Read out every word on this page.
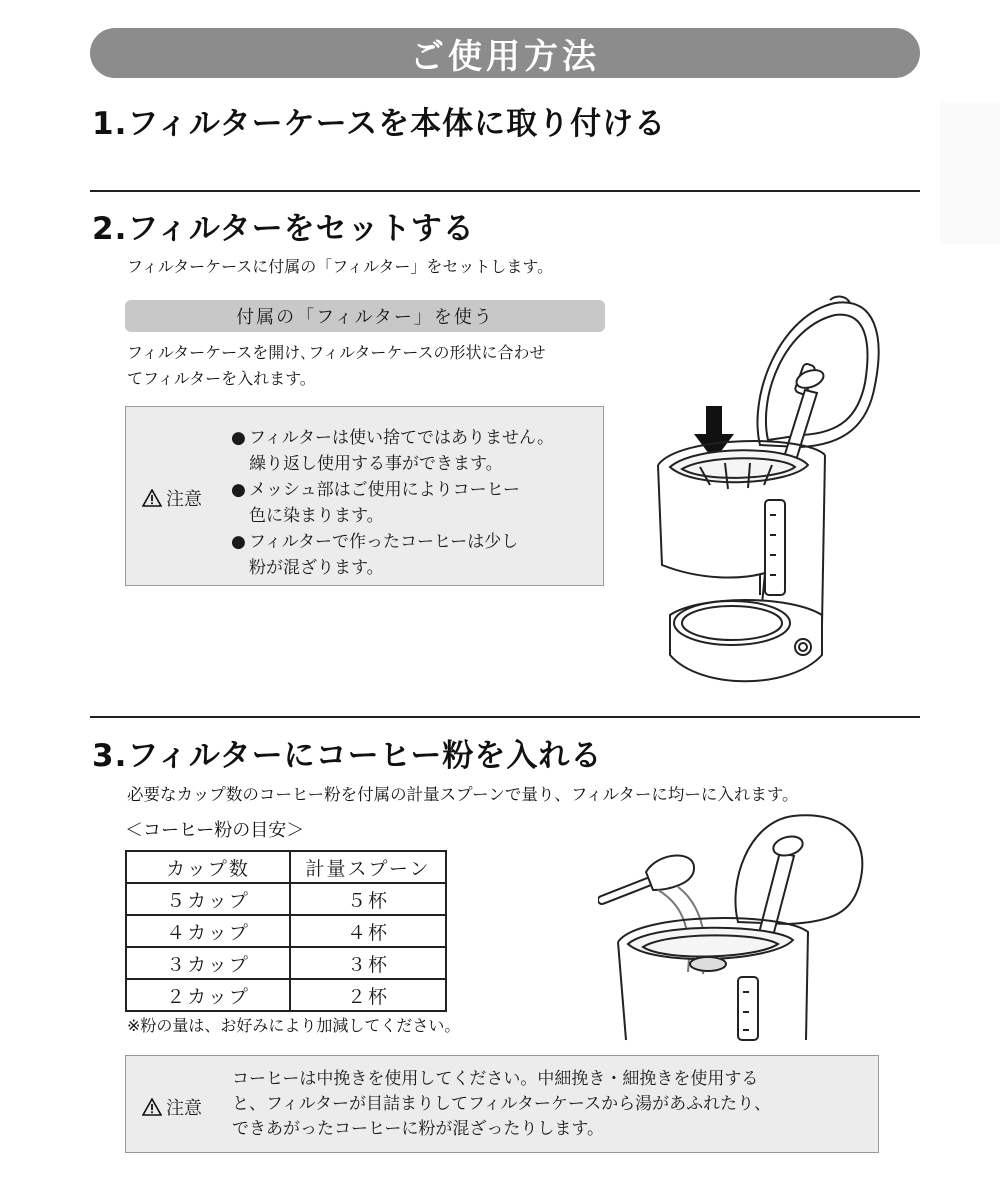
ご使用方法
1.フィルターケースを本体に取り付ける
2.フィルターをセットする
フィルターケースに付属の「フィルター」をセットします。
付属の「フィルター」を使う
フィルターケースを開け､フィルターケースの形状に合わせ
てフィルターを入れます。
注意
● フィルターは使い捨てではありません。
繰り返し使用する事ができます。
● メッシュ部はご使用によりコーヒー
色に染まります。
● フィルターで作ったコーヒーは少し
粉が混ざります。
3.フィルターにコーヒー粉を入れる
必要なカップ数のコーヒー粉を付属の計量スプーンで量り、フィルターに均ーに入れます。
＜コーヒー粉の目安＞
カップ数	計量スプーン
５カップ	５杯
４カップ	４杯
３カップ	３杯
２カップ	２杯
※粉の量は、お好みにより加減してください。
注意
コーヒーは中挽きを使用してください。中細挽き・細挽きを使用する
と、フィルターが目詰まりしてフィルターケースから湯があふれたり、
できあがったコーヒーに粉が混ざったりします。
